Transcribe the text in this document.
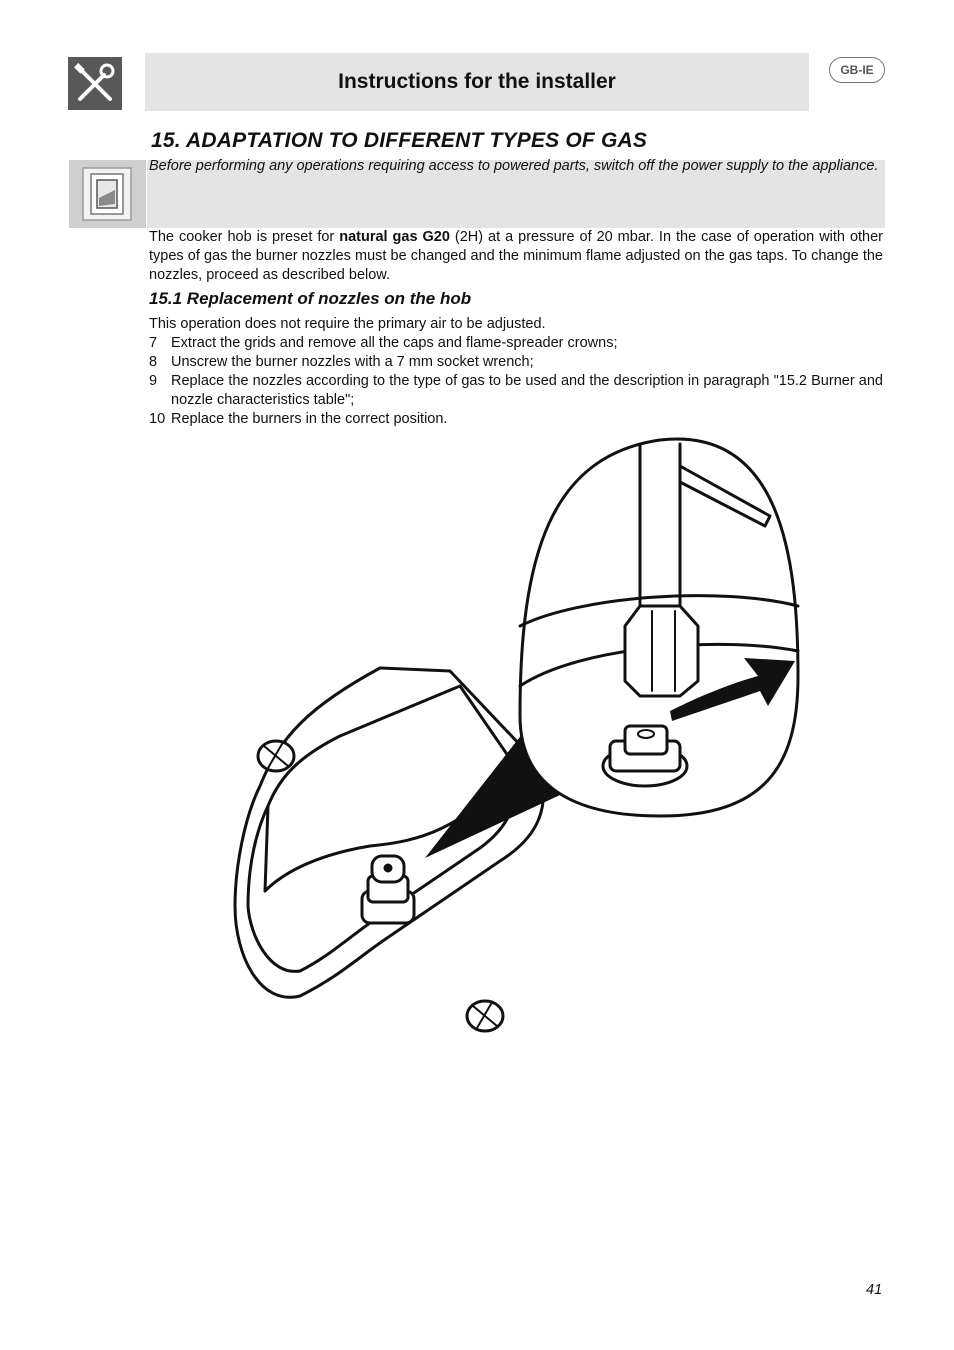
Instructions for the installer	GB-IE
15. ADAPTATION TO DIFFERENT TYPES OF GAS
Before performing any operations requiring access to powered parts, switch off the power supply to the appliance.

The cooker hob is preset for natural gas G20 (2H) at a pressure of 20 mbar. In the case of operation with other types of gas the burner nozzles must be changed and the minimum flame adjusted on the gas taps. To change the nozzles, proceed as described below.

15.1 Replacement of nozzles on the hob
This operation does not require the primary air to be adjusted.
7 Extract the grids and remove all the caps and flame-spreader crowns;
8 Unscrew the burner nozzles with a 7 mm socket wrench;
9 Replace the nozzles according to the type of gas to be used and the description in paragraph "15.2 Burner and nozzle characteristics table";
10 Replace the burners in the correct position.
41
